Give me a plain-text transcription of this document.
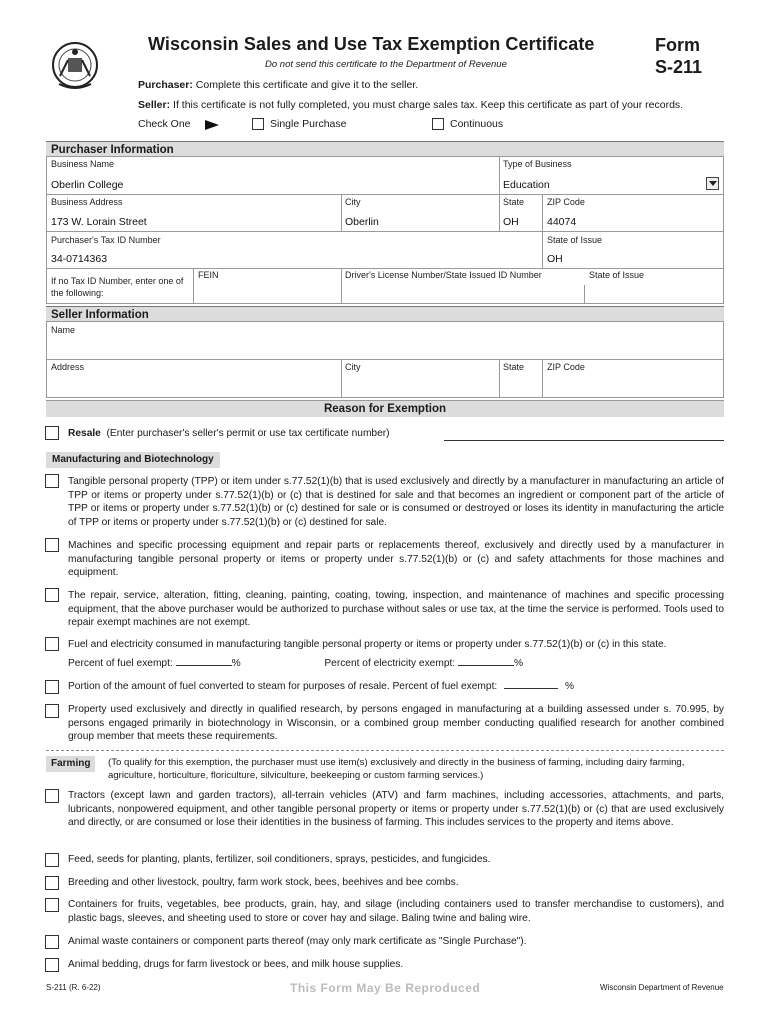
Wisconsin Sales and Use Tax Exemption Certificate
Do not send this certificate to the Department of Revenue
Form
S-211
Purchaser: Complete this certificate and give it to the seller.
Seller: If this certificate is not fully completed, you must charge sales tax. Keep this certificate as part of your records.
Check One	Single Purchase	Continuous
Purchaser Information
Business Name
Oberlin College
Type of Business
Education
Business Address
173 W. Lorain Street
City
Oberlin
State
OH
ZIP Code
44074
Purchaser's Tax ID Number
34-0714363
State of Issue
OH
If no Tax ID Number, enter one of the following:
FEIN	Driver's License Number/State Issued ID Number	State of Issue
Seller Information
Name
Address	City	State	ZIP Code
Reason for Exemption
Resale (Enter purchaser's seller's permit or use tax certificate number)
Manufacturing and Biotechnology
Tangible personal property (TPP) or item under s.77.52(1)(b) that is used exclusively and directly by a manufacturer in manufacturing an article of TPP or items or property under s.77.52(1)(b) or (c) that is destined for sale and that becomes an ingredient or component part of the article of TPP or items or property under s.77.52(1)(b) or (c) destined for sale or is consumed or destroyed or loses its identity in manufacturing the article of TPP or items or property under s.77.52(1)(b) or (c) destined for sale.
Machines and specific processing equipment and repair parts or replacements thereof, exclusively and directly used by a manufacturer in manufacturing tangible personal property or items or property under s.77.52(1)(b) or (c) and safety attachments for those machines and equipment.
The repair, service, alteration, fitting, cleaning, painting, coating, towing, inspection, and maintenance of machines and specific processing equipment, that the above purchaser would be authorized to purchase without sales or use tax, at the time the service is performed. Tools used to repair exempt machines are not exempt.
Fuel and electricity consumed in manufacturing tangible personal property or items or property under s.77.52(1)(b) or (c) in this state.
Percent of fuel exempt:	%	Percent of electricity exempt:	%
Portion of the amount of fuel converted to steam for purposes of resale. Percent of fuel exempt:	%
Property used exclusively and directly in qualified research, by persons engaged in manufacturing at a building assessed under s. 70.995, by persons engaged primarily in biotechnology in Wisconsin, or a combined group member conducting qualified research for another combined group member that meets these requirements.
Farming	(To qualify for this exemption, the purchaser must use item(s) exclusively and directly in the business of farming, including dairy farming, agriculture, horticulture, floriculture, silviculture, beekeeping or custom farming services.)
Tractors (except lawn and garden tractors), all-terrain vehicles (ATV) and farm machines, including accessories, attachments, and parts, lubricants, nonpowered equipment, and other tangible personal property or items or property under s.77.52(1)(b) or (c) that are used exclusively and directly, or are consumed or lose their identities in the business of farming. This includes services to the property and items above.
Feed, seeds for planting, plants, fertilizer, soil conditioners, sprays, pesticides, and fungicides.
Breeding and other livestock, poultry, farm work stock, bees, beehives and bee combs.
Containers for fruits, vegetables, bee products, grain, hay, and silage (including containers used to transfer merchandise to customers), and plastic bags, sleeves, and sheeting used to store or cover hay and silage. Baling twine and baling wire.
Animal waste containers or component parts thereof (may only mark certificate as "Single Purchase").
Animal bedding, drugs for farm livestock or bees, and milk house supplies.
S-211 (R. 6-22)	This Form May Be Reproduced	Wisconsin Department of Revenue
